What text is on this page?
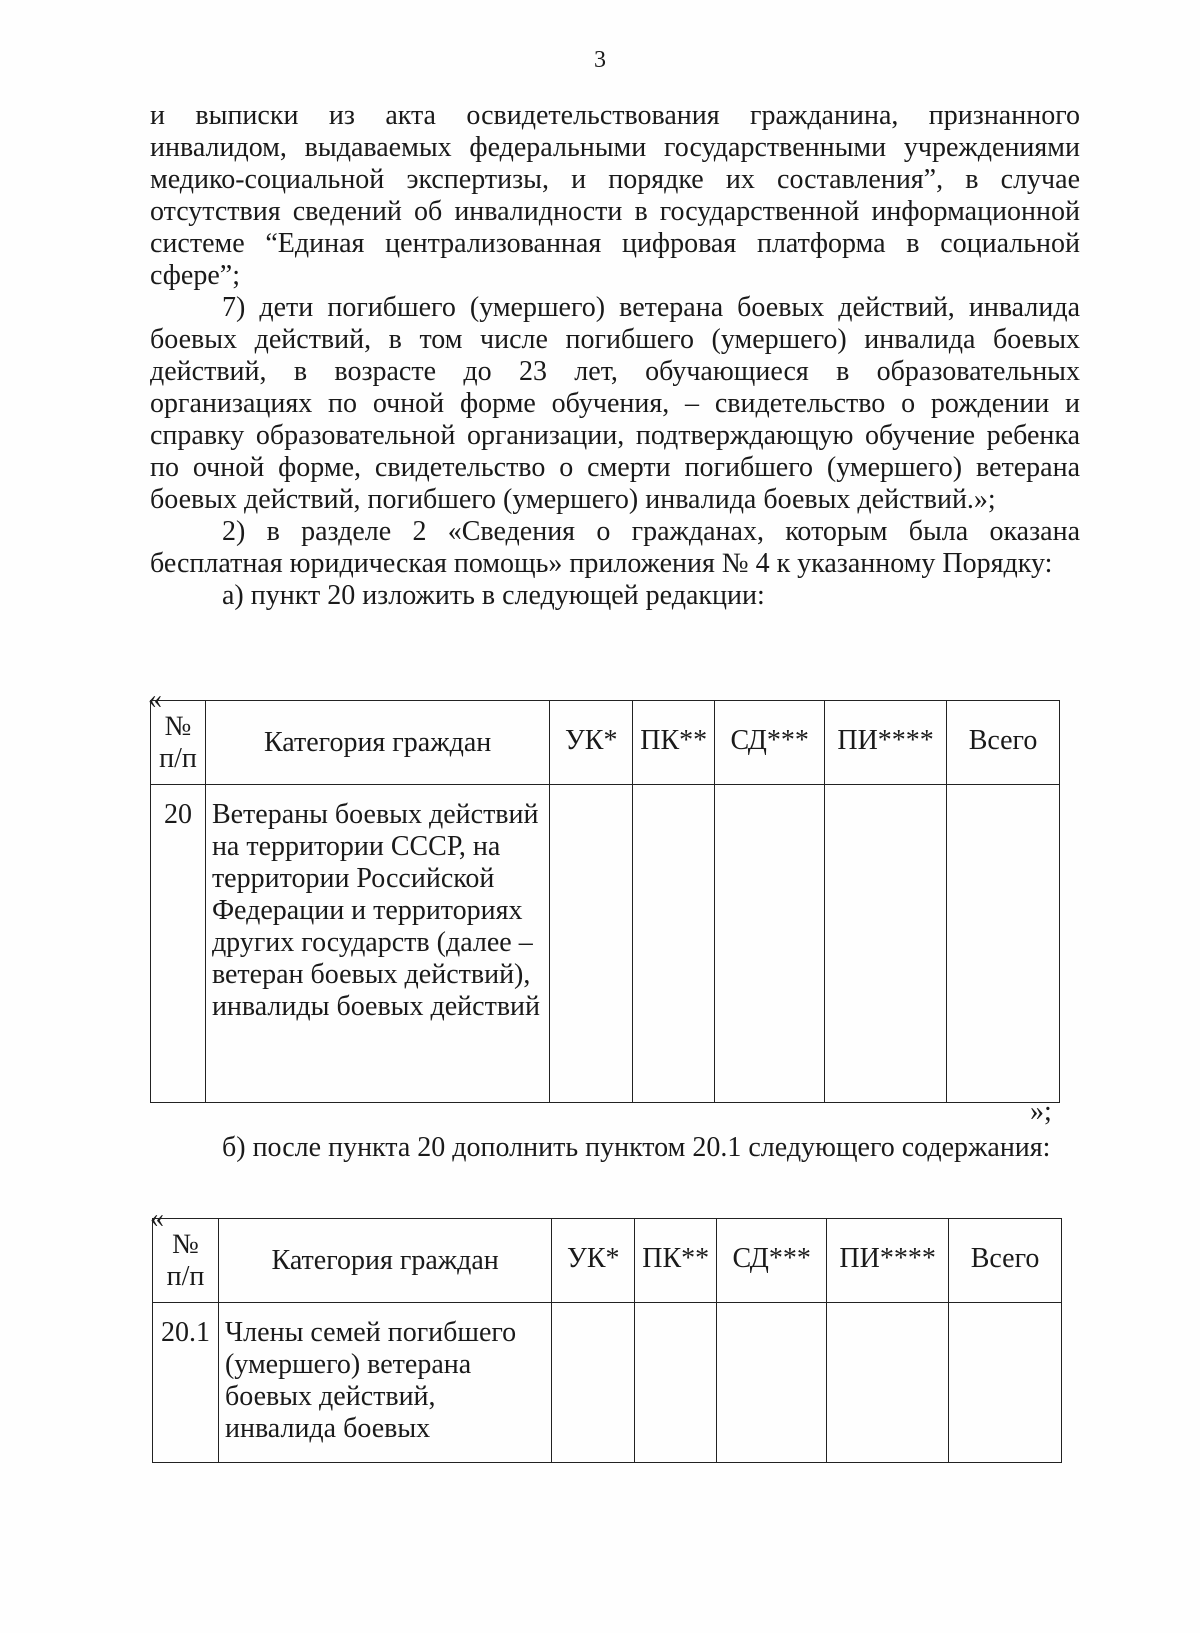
3

и выписки из акта освидетельствования гражданина, признанного инвалидом, выдаваемых федеральными государственными учреждениями медико-социальной экспертизы, и порядке их составления”, в случае отсутствия сведений об инвалидности в государственной информационной системе “Единая централизованная цифровая платформа в социальной сфере”;

7) дети погибшего (умершего) ветерана боевых действий, инвалида боевых действий, в том числе погибшего (умершего) инвалида боевых действий, в возрасте до 23 лет, обучающиеся в образовательных организациях по очной форме обучения, – свидетельство о рождении и справку образовательной организации, подтверждающую обучение ребенка по очной форме, свидетельство о смерти погибшего (умершего) ветерана боевых действий, погибшего (умершего) инвалида боевых действий.»;

2) в разделе 2 «Сведения о гражданах, которым была оказана бесплатная юридическая помощь» приложения № 4 к указанному Порядку:

а) пункт 20 изложить в следующей редакции:

«
№ п/п	Категория граждан	УК*	ПК**	СД***	ПИ****	Всего
20	Ветераны боевых действий на территории СССР, на территории Российской Федерации и территориях других государств (далее – ветеран боевых действий), инвалиды боевых действий					
»;

б) после пункта 20 дополнить пунктом 20.1 следующего содержания:

«
№ п/п	Категория граждан	УК*	ПК**	СД***	ПИ****	Всего
20.1	Члены семей погибшего (умершего) ветерана боевых действий, инвалида боевых					
